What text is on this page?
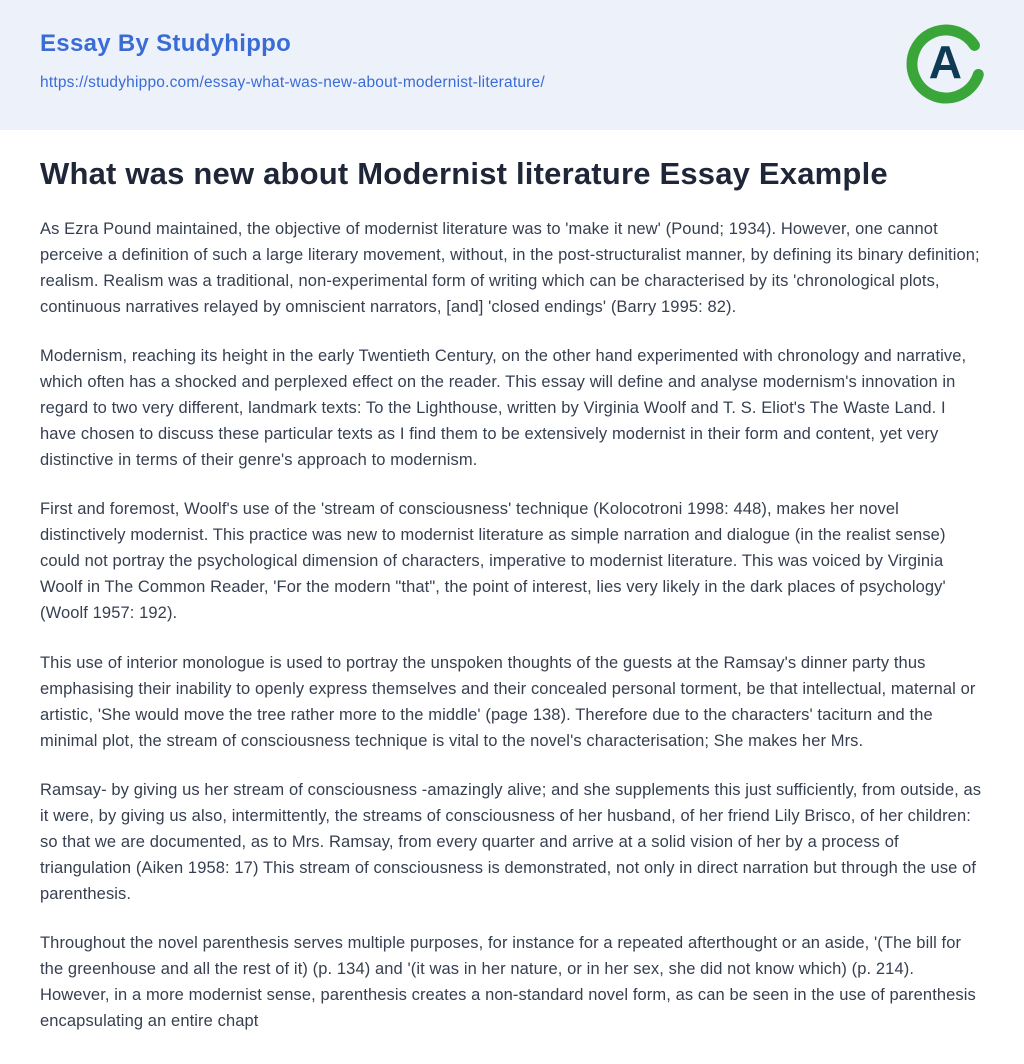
Essay By Studyhippo
https://studyhippo.com/essay-what-was-new-about-modernist-literature/	A
What was new about Modernist literature Essay Example

As Ezra Pound maintained, the objective of modernist literature was to 'make it new' (Pound; 1934). However, one cannot perceive a definition of such a large literary movement, without, in the post-structuralist manner, by defining its binary definition; realism. Realism was a traditional, non-experimental form of writing which can be characterised by its 'chronological plots, continuous narratives relayed by omniscient narrators, [and] 'closed endings' (Barry 1995: 82).

Modernism, reaching its height in the early Twentieth Century, on the other hand experimented with chronology and narrative, which often has a shocked and perplexed effect on the reader. This essay will define and analyse modernism's innovation in regard to two very different, landmark texts: To the Lighthouse, written by Virginia Woolf and T. S. Eliot's The Waste Land. I have chosen to discuss these particular texts as I find them to be extensively modernist in their form and content, yet very distinctive in terms of their genre's approach to modernism.

First and foremost, Woolf's use of the 'stream of consciousness' technique (Kolocotroni 1998: 448), makes her novel distinctively modernist. This practice was new to modernist literature as simple narration and dialogue (in the realist sense) could not portray the psychological dimension of characters, imperative to modernist literature. This was voiced by Virginia Woolf in The Common Reader, 'For the modern "that", the point of interest, lies very likely in the dark places of psychology' (Woolf 1957: 192).

This use of interior monologue is used to portray the unspoken thoughts of the guests at the Ramsay's dinner party thus emphasising their inability to openly express themselves and their concealed personal torment, be that intellectual, maternal or artistic, 'She would move the tree rather more to the middle' (page 138). Therefore due to the characters' taciturn and the minimal plot, the stream of consciousness technique is vital to the novel's characterisation; She makes her Mrs.

Ramsay- by giving us her stream of consciousness -amazingly alive; and she supplements this just sufficiently, from outside, as it were, by giving us also, intermittently, the streams of consciousness of her husband, of her friend Lily Brisco, of her children: so that we are documented, as to Mrs. Ramsay, from every quarter and arrive at a solid vision of her by a process of triangulation (Aiken 1958: 17) This stream of consciousness is demonstrated, not only in direct narration but through the use of parenthesis.

Throughout the novel parenthesis serves multiple purposes, for instance for a repeated afterthought or an aside, '(The bill for the greenhouse and all the rest of it) (p. 134) and '(it was in her nature, or in her sex, she did not know which) (p. 214). However, in a more modernist sense, parenthesis creates a non-standard novel form, as can be seen in the use of parenthesis encapsulating an entire chapt
